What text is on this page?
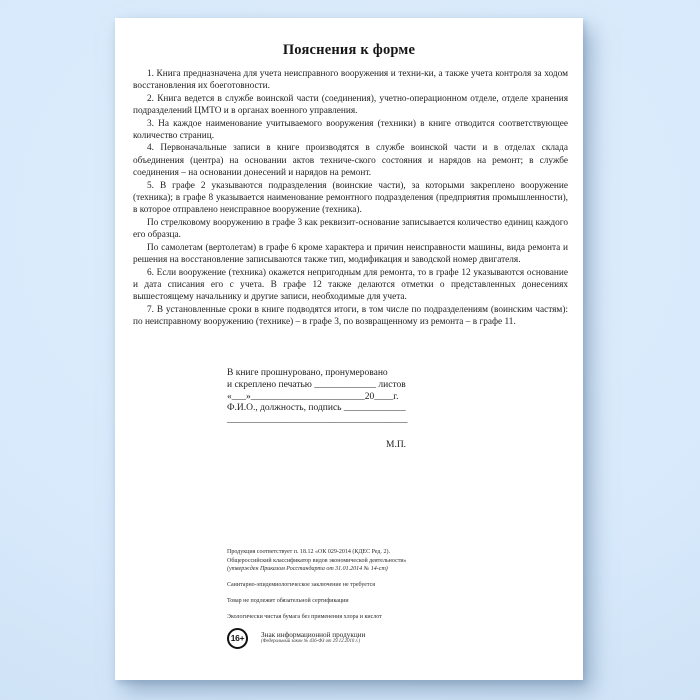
Пояснения к форме

1. Книга предназначена для учета неисправного вооружения и техни-ки, а также учета контроля за ходом восстановления их боеготовности.

2. Книга ведется в службе воинской части (соединения), учетно-операционном отделе, отделе хранения подразделений ЦМТО и в органах военного управления.

3. На каждое наименование учитываемого вооружения (техники) в книге отводится соответствующее количество страниц.

4. Первоначальные записи в книге производятся в службе воинской части и в отделах склада объединения (центра) на основании актов техниче-ского состояния и нарядов на ремонт; в службе соединения – на основании донесений и нарядов на ремонт.

5. В графе 2 указываются подразделения (воинские части), за которыми закреплено вооружение (техника); в графе 8 указывается наименование ремонтного подразделения (предприятия промышленности), в которое отправлено неисправное вооружение (техника).

По стрелковому вооружению в графе 3 как реквизит-основание записывается количество единиц каждого его образца.

По самолетам (вертолетам) в графе 6 кроме характера и причин неисправности машины, вида ремонта и решения на восстановление записываются также тип, модификация и заводской номер двигателя.

6. Если вооружение (техника) окажется непригодным для ремонта, то в графе 12 указываются основание и дата списания его с учета. В графе 12 также делаются отметки о представленных донесениях вышестоящему начальнику и другие записи, необходимые для учета.

7. В установленные сроки в книге подводятся итоги, в том числе по подразделениям (воинским частям): по неисправному вооружению (технике) – в графе 3, по возвращенному из ремонта – в графе 11.

В книге прошнуровано, пронумеровано
и скреплено печатью _____________ листов
«___»________________________20____г.
Ф.И.О., должность, подпись _____________
______________________________________
М.П.
Продукция соответствует п. 18.12 «ОК 029-2014 (КДЕС Ред. 2).
Общероссийский классификатор видов экономической деятельности»
(утвержден Приказом Росстандарта от 31.01.2014 № 14-ст)
Санитарно-эпидемиологическое заключение не требуется
Товар не подлежит обязательной сертификации
Экологически чистая бумага без применения хлора и кислот
16+	Знак информационной продукции
(Федеральный закон № 436-ФЗ от 29.12.2010 г.)
